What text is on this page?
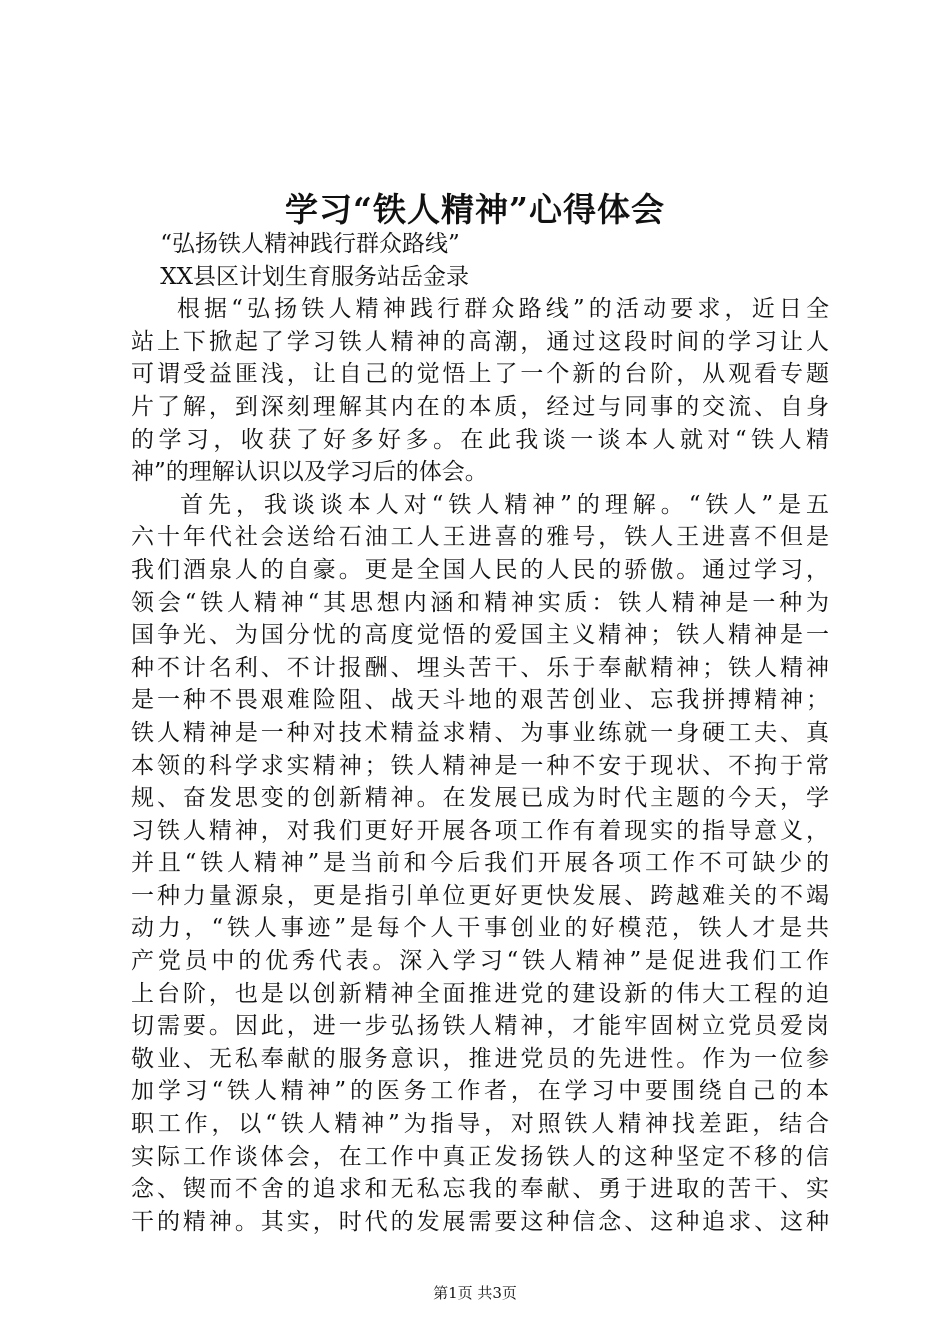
学习“铁人精神”心得体会

“弘扬铁人精神践行群众路线”

XX县区计划生育服务站岳金录

根据“弘扬铁人精神践行群众路线”的活动要求，近日全

站上下掀起了学习铁人精神的高潮，通过这段时间的学习让人

可谓受益匪浅，让自己的觉悟上了一个新的台阶，从观看专题

片了解，到深刻理解其内在的本质，经过与同事的交流、自身

的学习，收获了好多好多。在此我谈一谈本人就对“铁人精

神”的理解认识以及学习后的体会。

首先，我谈谈本人对“铁人精神”的理解。“铁人”是五

六十年代社会送给石油工人王进喜的雅号，铁人王进喜不但是

我们酒泉人的自豪。更是全国人民的人民的骄傲。通过学习，

领会“铁人精神“其思想内涵和精神实质：铁人精神是一种为

国争光、为国分忧的高度觉悟的爱国主义精神；铁人精神是一

种不计名利、不计报酬、埋头苦干、乐于奉献精神；铁人精神

是一种不畏艰难险阻、战天斗地的艰苦创业、忘我拼搏精神；

铁人精神是一种对技术精益求精、为事业练就一身硬工夫、真

本领的科学求实精神；铁人精神是一种不安于现状、不拘于常

规、奋发思变的创新精神。在发展已成为时代主题的今天，学

习铁人精神，对我们更好开展各项工作有着现实的指导意义，

并且“铁人精神”是当前和今后我们开展各项工作不可缺少的

一种力量源泉，更是指引单位更好更快发展、跨越难关的不竭

动力，“铁人事迹”是每个人干事创业的好模范，铁人才是共

产党员中的优秀代表。深入学习“铁人精神”是促进我们工作

上台阶，也是以创新精神全面推进党的建设新的伟大工程的迫

切需要。因此，进一步弘扬铁人精神，才能牢固树立党员爱岗

敬业、无私奉献的服务意识，推进党员的先进性。作为一位参

加学习“铁人精神”的医务工作者，在学习中要围绕自己的本

职工作，以“铁人精神”为指导，对照铁人精神找差距，结合

实际工作谈体会，在工作中真正发扬铁人的这种坚定不移的信

念、锲而不舍的追求和无私忘我的奉献、勇于进取的苦干、实

干的精神。其实，时代的发展需要这种信念、这种追求、这种

第1页 共3页
